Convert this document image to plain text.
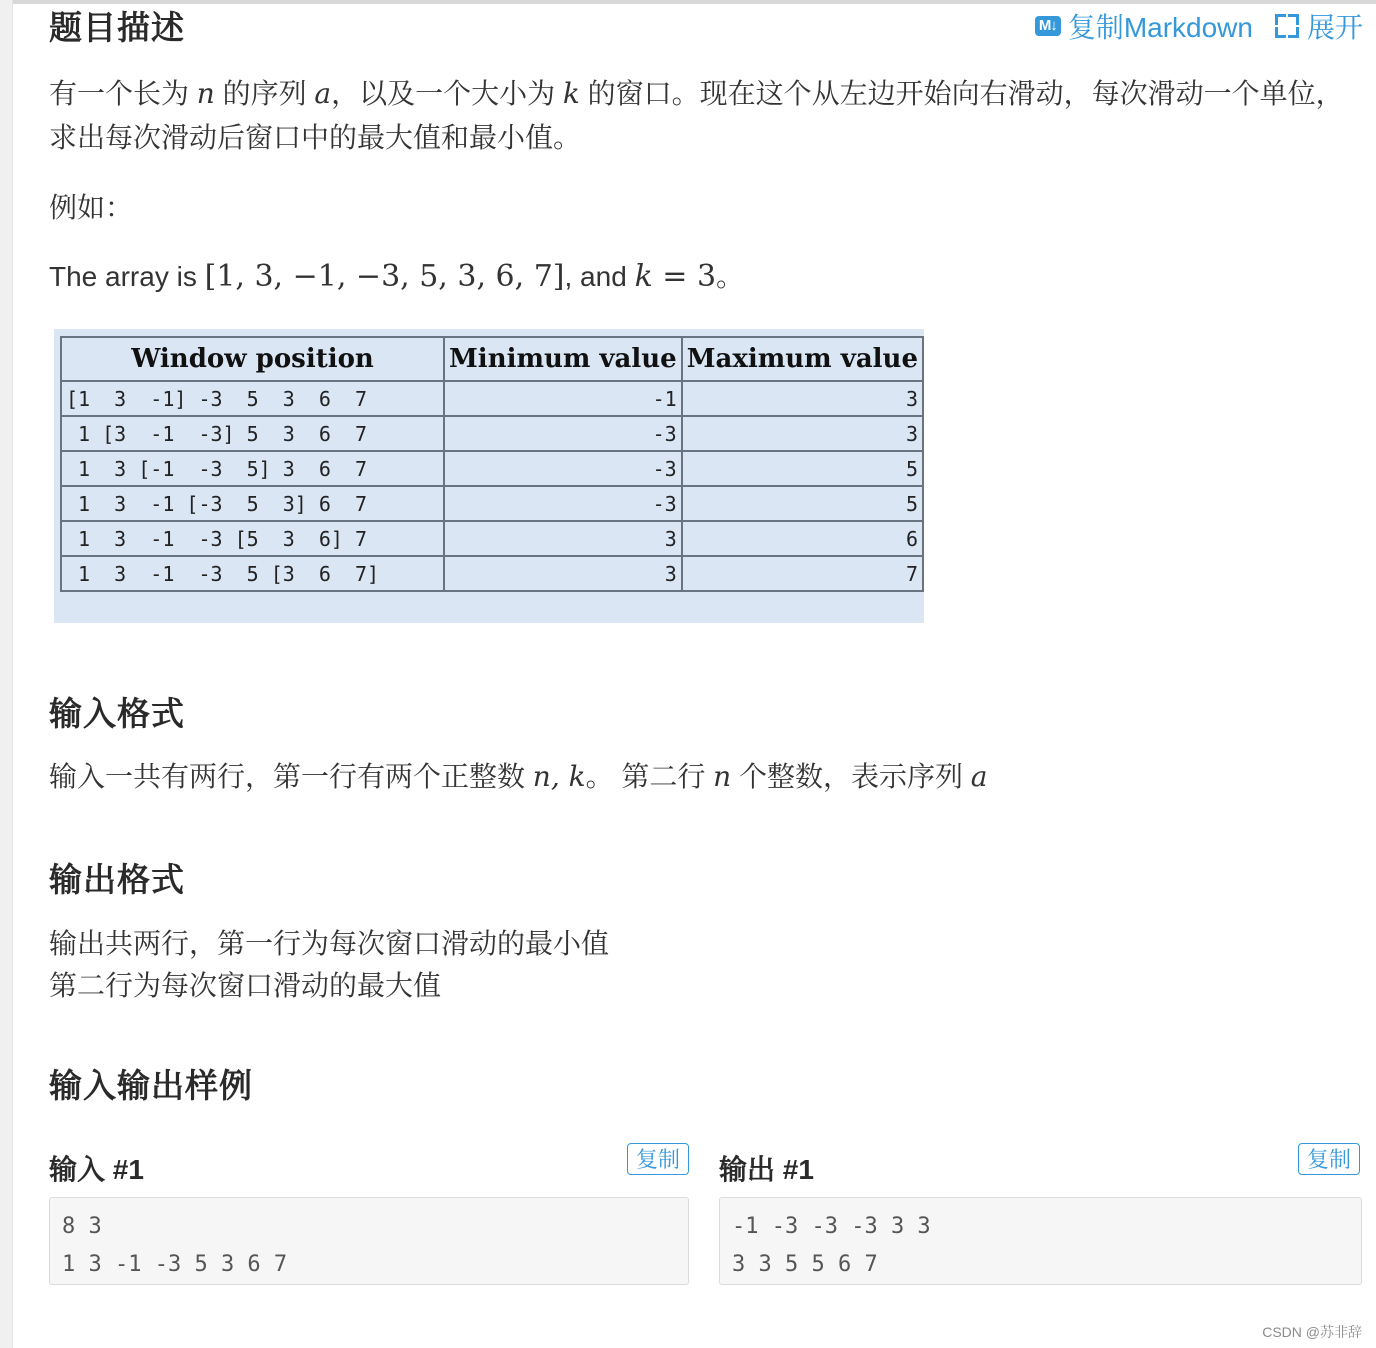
题目描述	M↓ 复制Markdown 展开

有一个长为 n 的序列 a，以及一个大小为 k 的窗口。现在这个从左边开始向右滑动，每次滑动一个单位，

求出每次滑动后窗口中的最大值和最小值。

例如：

The array is [1, 3, −1, −3, 5, 3, 6, 7], and k = 3。

Window position	Minimum value	Maximum value
[1  3  -1] -3  5  3  6  7	-1	3
1 [3  -1  -3] 5  3  6  7	-3	3
1  3 [-1  -3  5] 3  6  7	-3	5
1  3  -1 [-3  5  3] 6  7	-3	5
1  3  -1  -3 [5  3  6] 7	3	6
1  3  -1  -3  5 [3  6  7]	3	7
输入格式

输入一共有两行，第一行有两个正整数 n, k。 第二行 n 个整数，表示序列 a

输出格式

输出共两行，第一行为每次窗口滑动的最小值

第二行为每次窗口滑动的最大值

输入输出样例
输入 #1	复制
8 3
1 3 -1 -3 5 3 6 7
输出 #1	复制
-1 -3 -3 -3 3 3
3 3 5 5 6 7
CSDN @苏非辞
